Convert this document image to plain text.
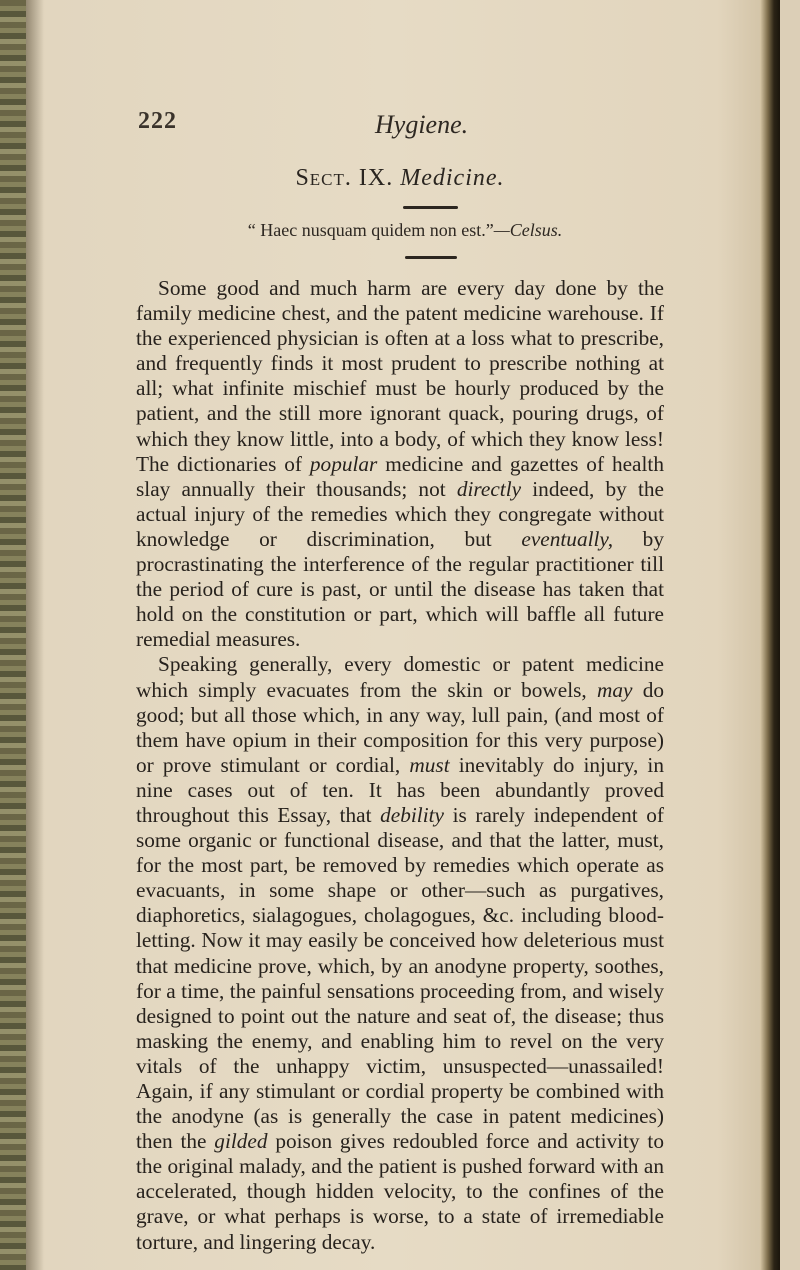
222	Hygiene.
Sect. IX. Medicine.
“ Haec nusquam quidem non est.”—Celsus.

Some good and much harm are every day done by the family medicine chest, and the patent medicine warehouse. If the experienced physician is often at a loss what to prescribe, and frequently finds it most prudent to prescribe nothing at all; what infinite mischief must be hourly produced by the patient, and the still more ignorant quack, pouring drugs, of which they know little, into a body, of which they know less! The dictionaries of popular medicine and gazettes of health slay annually their thousands; not directly indeed, by the actual injury of the remedies which they congregate without knowledge or discrimination, but eventually, by procrastinating the interference of the regular practitioner till the period of cure is past, or until the disease has taken that hold on the constitution or part, which will baffle all future remedial measures.

Speaking generally, every domestic or patent medicine which simply evacuates from the skin or bowels, may do good; but all those which, in any way, lull pain, (and most of them have opium in their composition for this very purpose) or prove stimulant or cordial, must inevitably do injury, in nine cases out of ten. It has been abundantly proved throughout this Essay, that debility is rarely independent of some organic or functional disease, and that the latter, must, for the most part, be removed by remedies which operate as evacuants, in some shape or other—such as purgatives, diaphoretics, sialagogues, cholagogues, &c. including blood-letting. Now it may easily be conceived how deleterious must that medicine prove, which, by an anodyne property, soothes, for a time, the painful sensations proceeding from, and wisely designed to point out the nature and seat of, the disease; thus masking the enemy, and enabling him to revel on the very vitals of the unhappy victim, unsuspected—unassailed! Again, if any stimulant or cordial property be combined with the anodyne (as is generally the case in patent medicines) then the gilded poison gives redoubled force and activity to the original malady, and the patient is pushed forward with an accelerated, though hidden velocity, to the confines of the grave, or what perhaps is worse, to a state of irremediable torture, and lingering decay.
